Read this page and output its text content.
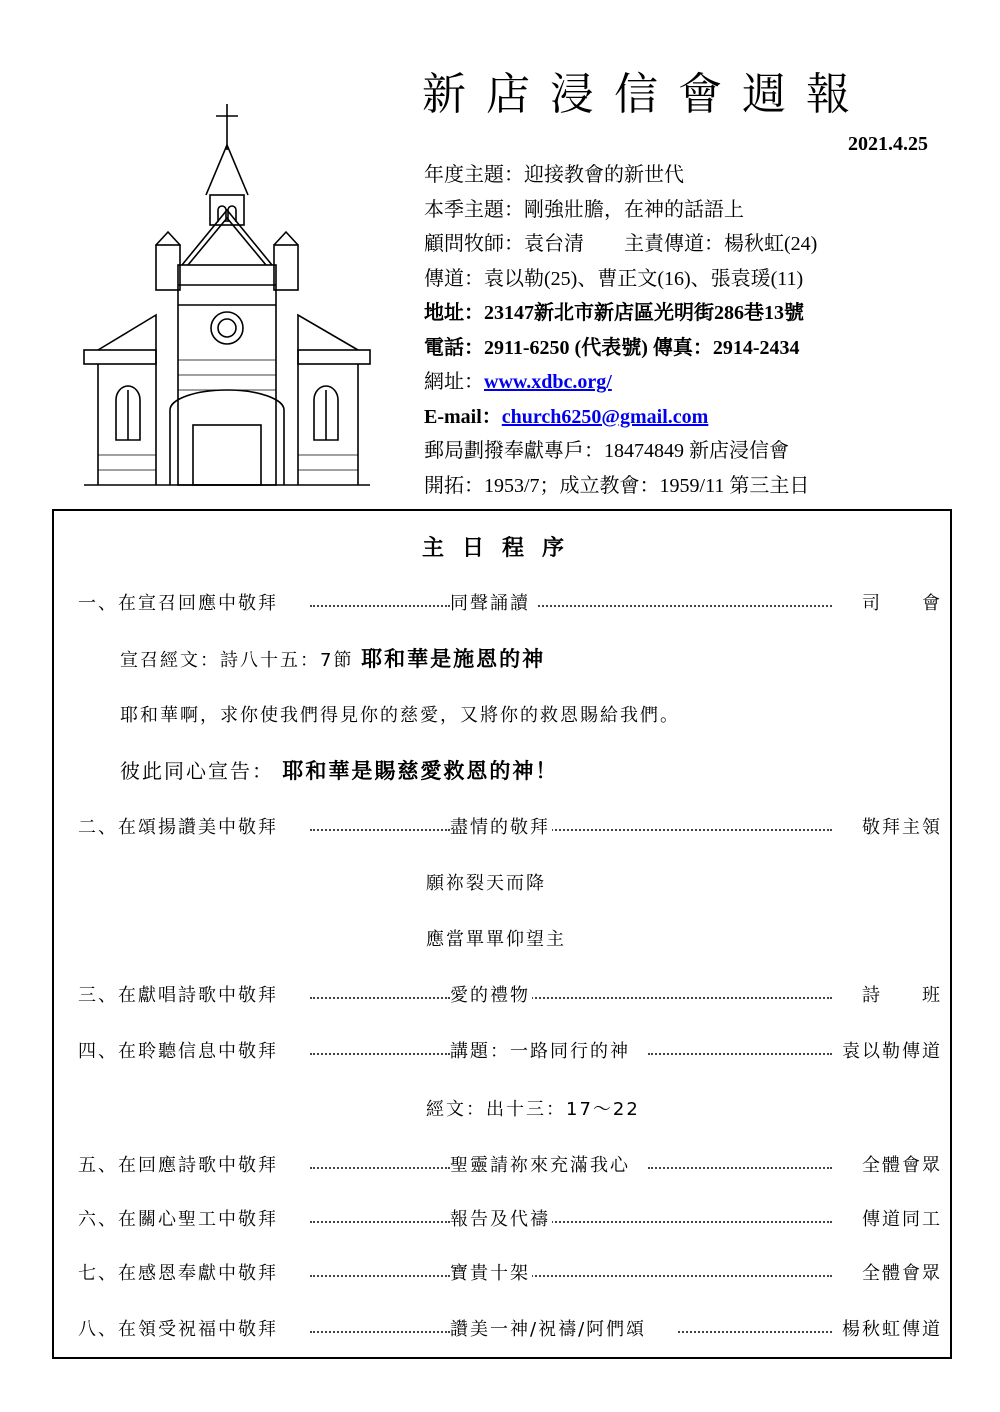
新店浸信會週報
2021.4.25
年度主題：迎接教會的新世代
本季主題：剛強壯膽，在神的話語上
顧問牧師：袁台清　　主責傳道：楊秋虹(24)
傳道：袁以勒(25)、曹正文(16)、張袁瑗(11)
地址：23147新北市新店區光明街286巷13號
電話：2911-6250 (代表號) 傳真：2914-2434
網址：www.xdbc.org/
E-mail：church6250@gmail.com
郵局劃撥奉獻專戶：18474849 新店浸信會
開拓：1953/7；成立教會：1959/11 第三主日
主日程序
一、在宣召回應中敬拜	同聲誦讀	司　　會
宣召經文：詩八十五：7節 耶和華是施恩的神
耶和華啊，求你使我們得見你的慈愛，又將你的救恩賜給我們。
彼此同心宣告： 耶和華是賜慈愛救恩的神！
二、在頌揚讚美中敬拜	盡情的敬拜	敬拜主領
願祢裂天而降
應當單單仰望主
三、在獻唱詩歌中敬拜	愛的禮物	詩　　班
四、在聆聽信息中敬拜	講題：一路同行的神	袁以勒傳道
經文：出十三：17～22
五、在回應詩歌中敬拜	聖靈請祢來充滿我心	全體會眾
六、在關心聖工中敬拜	報告及代禱	傳道同工
七、在感恩奉獻中敬拜	寶貴十架	全體會眾
八、在領受祝福中敬拜	讚美一神/祝禱/阿們頌	楊秋虹傳道
